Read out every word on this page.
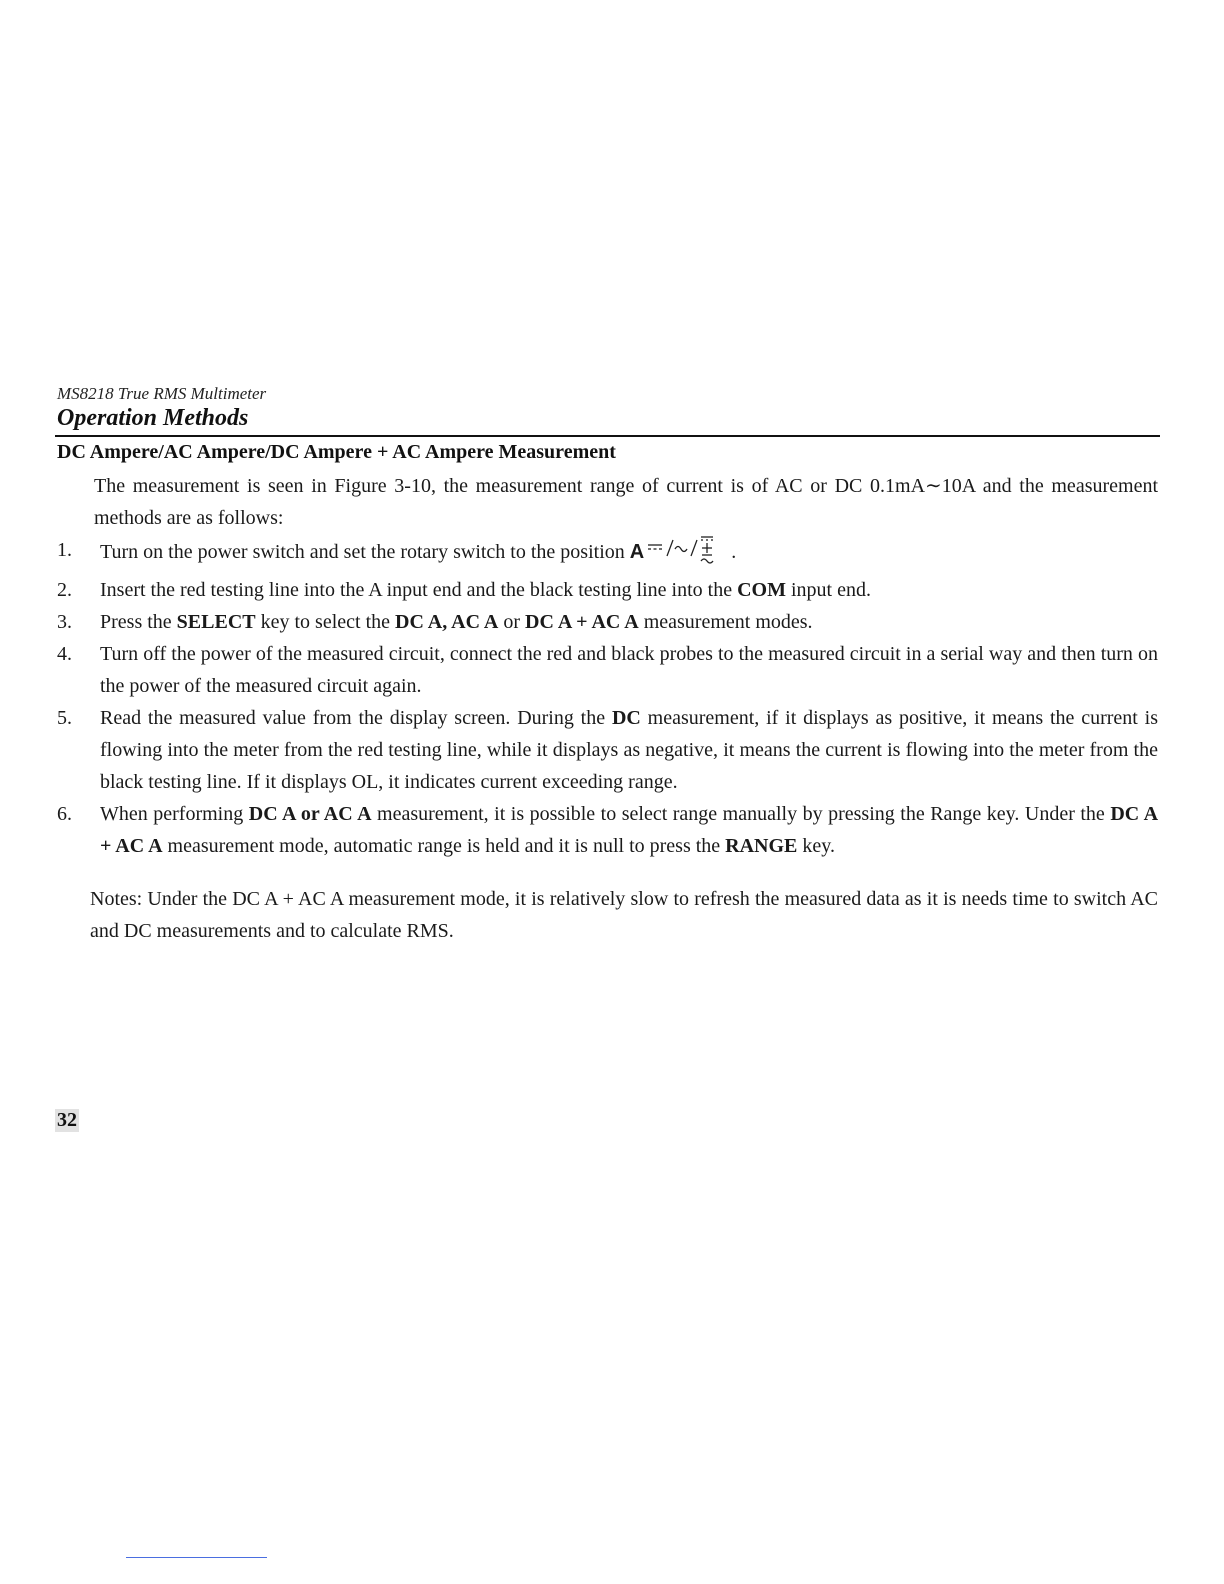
MS8218 True RMS Multimeter
Operation Methods
DC Ampere/AC Ampere/DC Ampere + AC Ampere Measurement
The measurement is seen in Figure 3-10, the measurement range of current is of AC or DC 0.1mA∼10A and the measurement methods are as follows:
1. Turn on the power switch and set the rotary switch to the position A	.
2. Insert the red testing line into the A input end and the black testing line into the COM input end.
3. Press the SELECT key to select the DC A, AC A or DC A + AC A measurement modes.
4. Turn off the power of the measured circuit, connect the red and black probes to the measured circuit in a serial way and then turn on the power of the measured circuit again.
5. Read the measured value from the display screen. During the DC measurement, if it displays as positive, it means the current is flowing into the meter from the red testing line, while it displays as negative, it means the current is flowing into the meter from the black testing line. If it displays OL, it indicates current exceeding range.
6. When performing DC A or AC A measurement, it is possible to select range manually by pressing the Range key. Under the DC A + AC A measurement mode, automatic range is held and it is null to press the RANGE key.
Notes: Under the DC A + AC A measurement mode, it is relatively slow to refresh the measured data as it is needs time to switch AC and DC measurements and to calculate RMS.
32
